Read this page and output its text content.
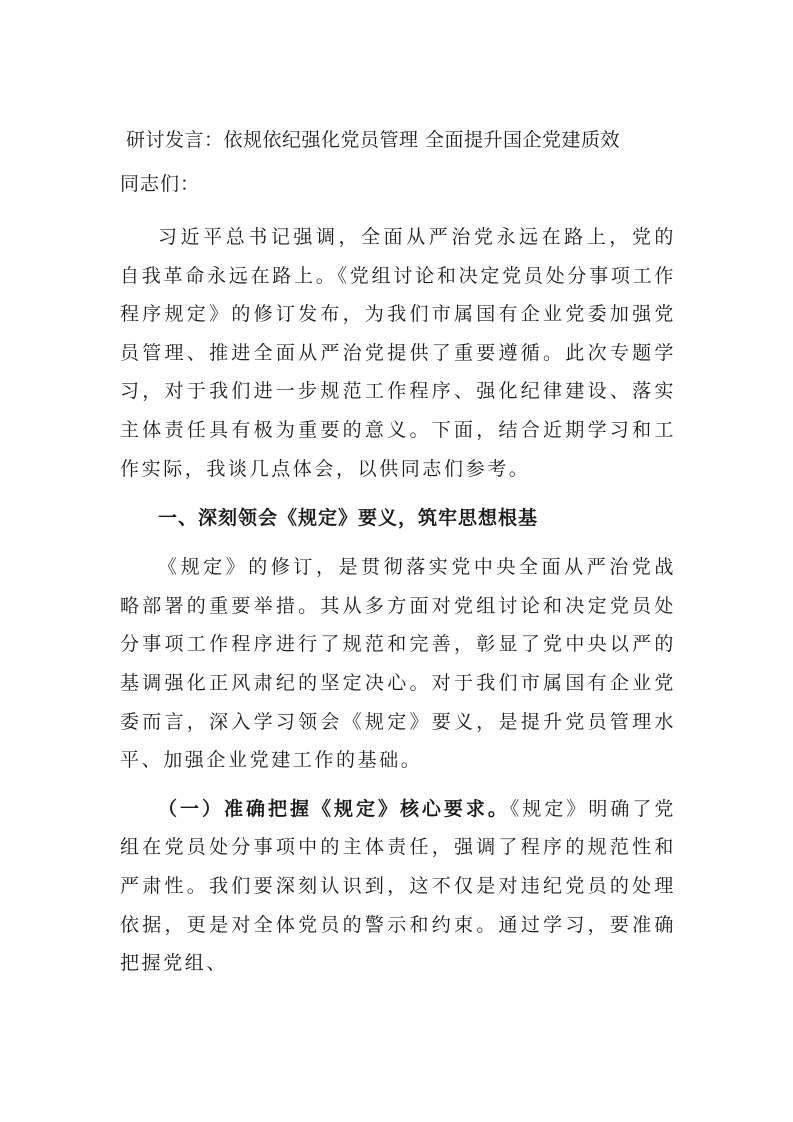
研讨发言：依规依纪强化党员管理 全面提升国企党建质效
同志们：

习近平总书记强调，全面从严治党永远在路上，党的自我革命永远在路上。《党组讨论和决定党员处分事项工作程序规定》的修订发布，为我们市属国有企业党委加强党员管理、推进全面从严治党提供了重要遵循。此次专题学习，对于我们进一步规范工作程序、强化纪律建设、落实主体责任具有极为重要的意义。下面，结合近期学习和工作实际，我谈几点体会，以供同志们参考。

一、深刻领会《规定》要义，筑牢思想根基

《规定》的修订，是贯彻落实党中央全面从严治党战略部署的重要举措。其从多方面对党组讨论和决定党员处分事项工作程序进行了规范和完善，彰显了党中央以严的基调强化正风肃纪的坚定决心。对于我们市属国有企业党委而言，深入学习领会《规定》要义，是提升党员管理水平、加强企业党建工作的基础。

（一）准确把握《规定》核心要求。《规定》明确了党组在党员处分事项中的主体责任，强调了程序的规范性和严肃性。我们要深刻认识到，这不仅是对违纪党员的处理依据，更是对全体党员的警示和约束。通过学习，要准确把握党组、
